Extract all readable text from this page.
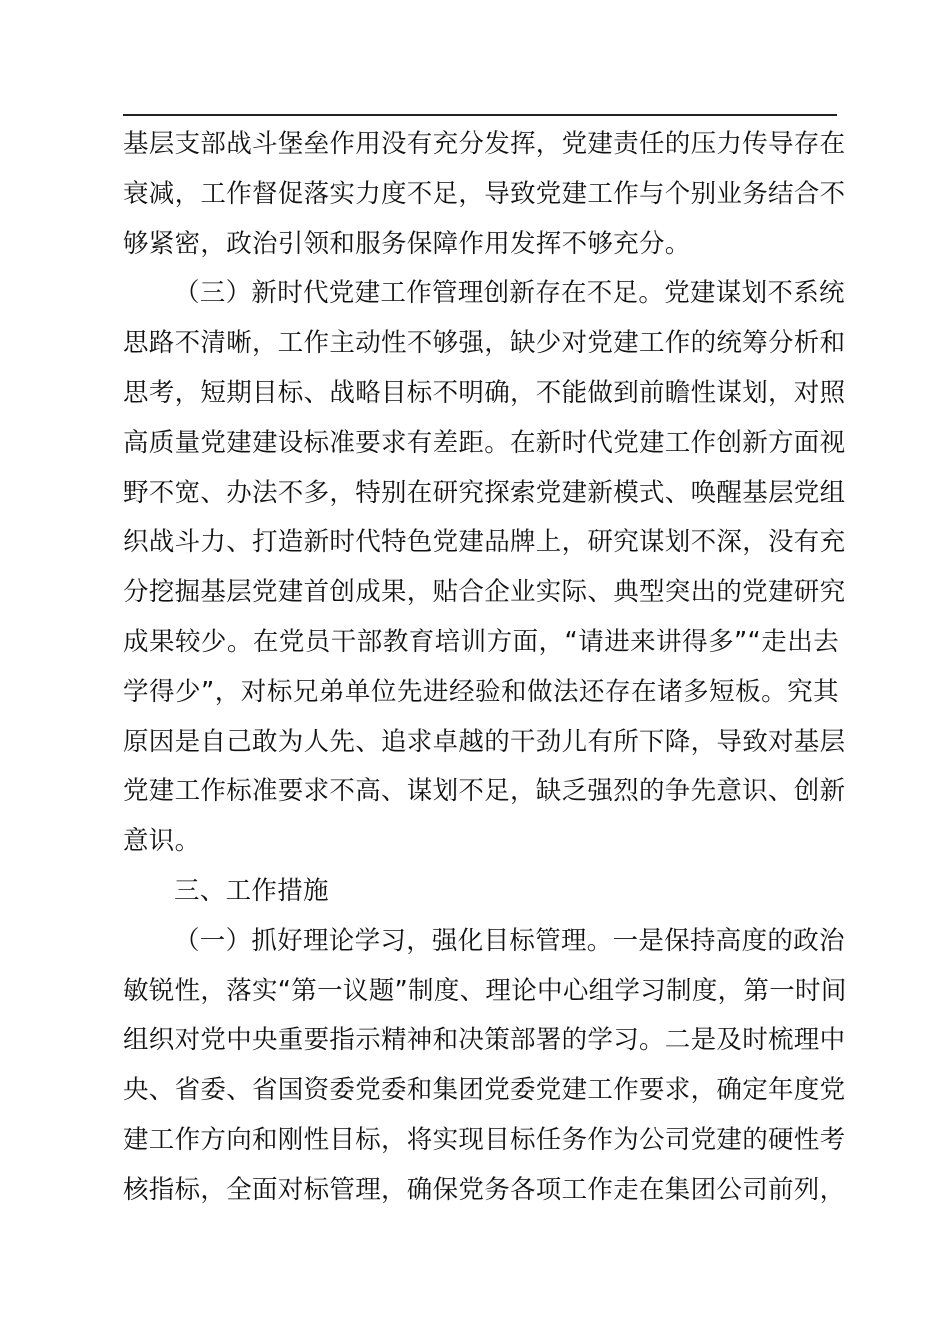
基层支部战斗堡垒作用没有充分发挥，党建责任的压力传导存在
衰减，工作督促落实力度不足，导致党建工作与个别业务结合不
够紧密，政治引领和服务保障作用发挥不够充分。
（三）新时代党建工作管理创新存在不足。党建谋划不系统
思路不清晰，工作主动性不够强，缺少对党建工作的统筹分析和
思考，短期目标、战略目标不明确，不能做到前瞻性谋划，对照
高质量党建建设标准要求有差距。在新时代党建工作创新方面视
野不宽、办法不多，特别在研究探索党建新模式、唤醒基层党组
织战斗力、打造新时代特色党建品牌上，研究谋划不深，没有充
分挖掘基层党建首创成果，贴合企业实际、典型突出的党建研究
成果较少。在党员干部教育培训方面，“请进来讲得多”“走出去
学得少”，对标兄弟单位先进经验和做法还存在诸多短板。究其
原因是自己敢为人先、追求卓越的干劲儿有所下降，导致对基层
党建工作标准要求不高、谋划不足，缺乏强烈的争先意识、创新
意识。
三、工作措施
（一）抓好理论学习，强化目标管理。一是保持高度的政治
敏锐性，落实“第一议题”制度、理论中心组学习制度，第一时间
组织对党中央重要指示精神和决策部署的学习。二是及时梳理中
央、省委、省国资委党委和集团党委党建工作要求，确定年度党
建工作方向和刚性目标，将实现目标任务作为公司党建的硬性考
核指标，全面对标管理，确保党务各项工作走在集团公司前列，
